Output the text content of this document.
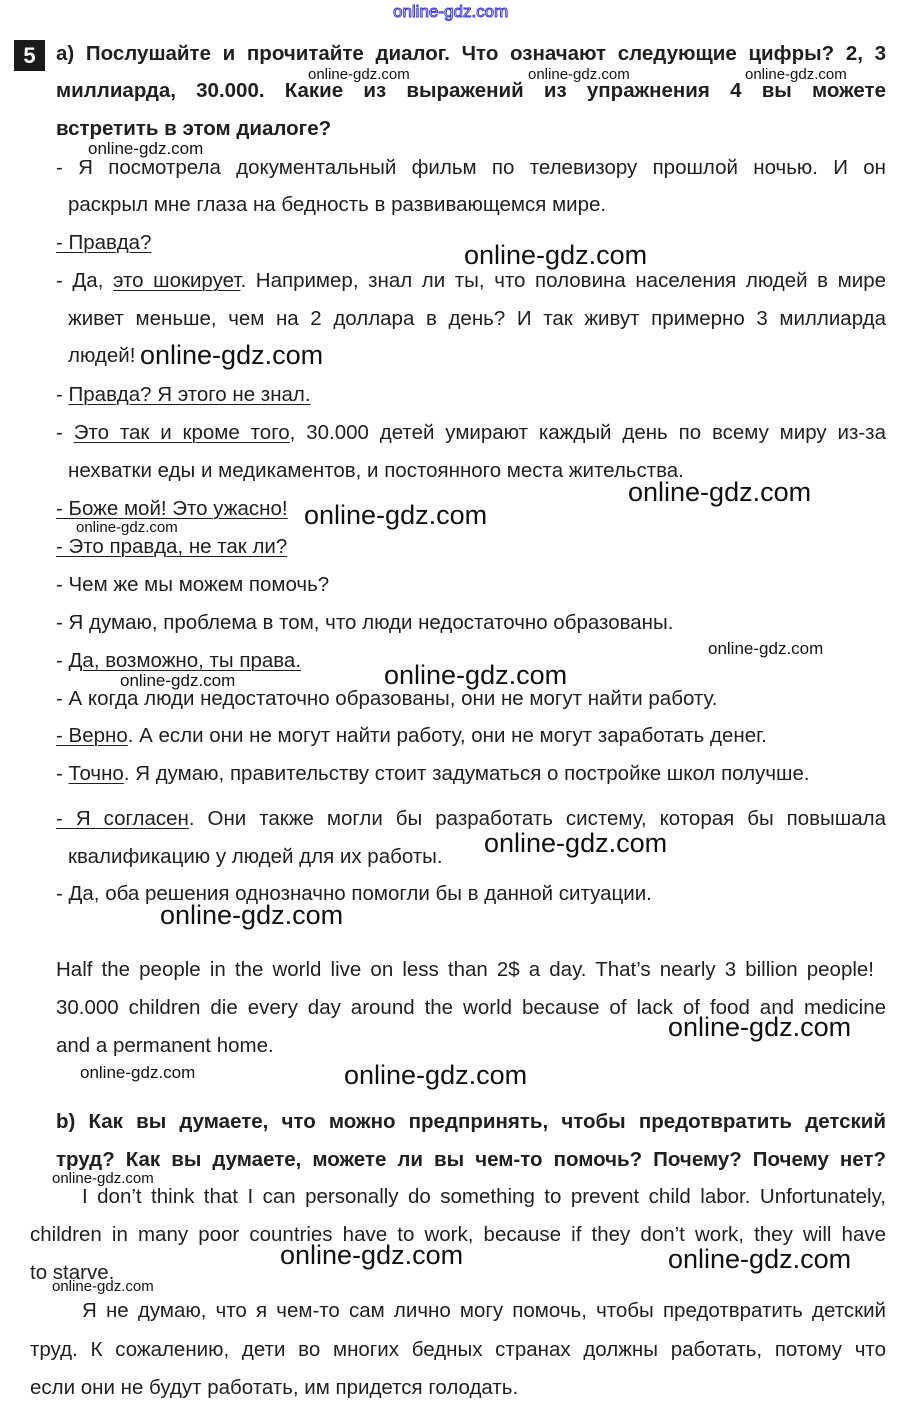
online-gdz.com
5 a) Послушайте и прочитайте диалог. Что означают следующие цифры? 2, 3
миллиарда, 30.000. Какие из выражений из упражнения 4 вы можете
встретить в этом диалоге?
- Я посмотрела документальный фильм по телевизору прошлой ночью. И он
раскрыл мне глаза на бедность в развивающемся мире.
- Правда?
- Да, это шокирует. Например, знал ли ты, что половина населения людей в мире
живет меньше, чем на 2 доллара в день? И так живут примерно 3 миллиарда
людей!
- Правда? Я этого не знал.
- Это так и кроме того, 30.000 детей умирают каждый день по всему миру из-за
нехватки еды и медикаментов, и постоянного места жительства.
- Боже мой! Это ужасно!
- Это правда, не так ли?
- Чем же мы можем помочь?
- Я думаю, проблема в том, что люди недостаточно образованы.
- Да, возможно, ты права.
- А когда люди недостаточно образованы, они не могут найти работу.
- Верно. А если они не могут найти работу, они не могут заработать денег.
- Точно. Я думаю, правительству стоит задуматься о постройке школ получше.
- Я согласен. Они также могли бы разработать систему, которая бы повышала
квалификацию у людей для их работы.
- Да, оба решения однозначно помогли бы в данной ситуации.
Half the people in the world live on less than 2$ a day. That’s nearly 3 billion people!
30.000 children die every day around the world because of lack of food and medicine
and a permanent home.
b) Как вы думаете, что можно предпринять, чтобы предотвратить детский
труд? Как вы думаете, можете ли вы чем-то помочь? Почему? Почему нет?
I don’t think that I can personally do something to prevent child labor. Unfortunately,
children in many poor countries have to work, because if they don’t work, they will have
to starve.
Я не думаю, что я чем-то сам лично могу помочь, чтобы предотвратить детский
труд. К сожалению, дети во многих бедных странах должны работать, потому что
если они не будут работать, им придется голодать.
online-gdz.com	online-gdz.com	online-gdz.com
online-gdz.com
online-gdz.com
online-gdz.com
online-gdz.com
online-gdz.com
online-gdz.com
online-gdz.com
online-gdz.com
online-gdz.com
online-gdz.com
online-gdz.com
online-gdz.com
online-gdz.com	online-gdz.com
online-gdz.com
online-gdz.com	online-gdz.com
online-gdz.com
